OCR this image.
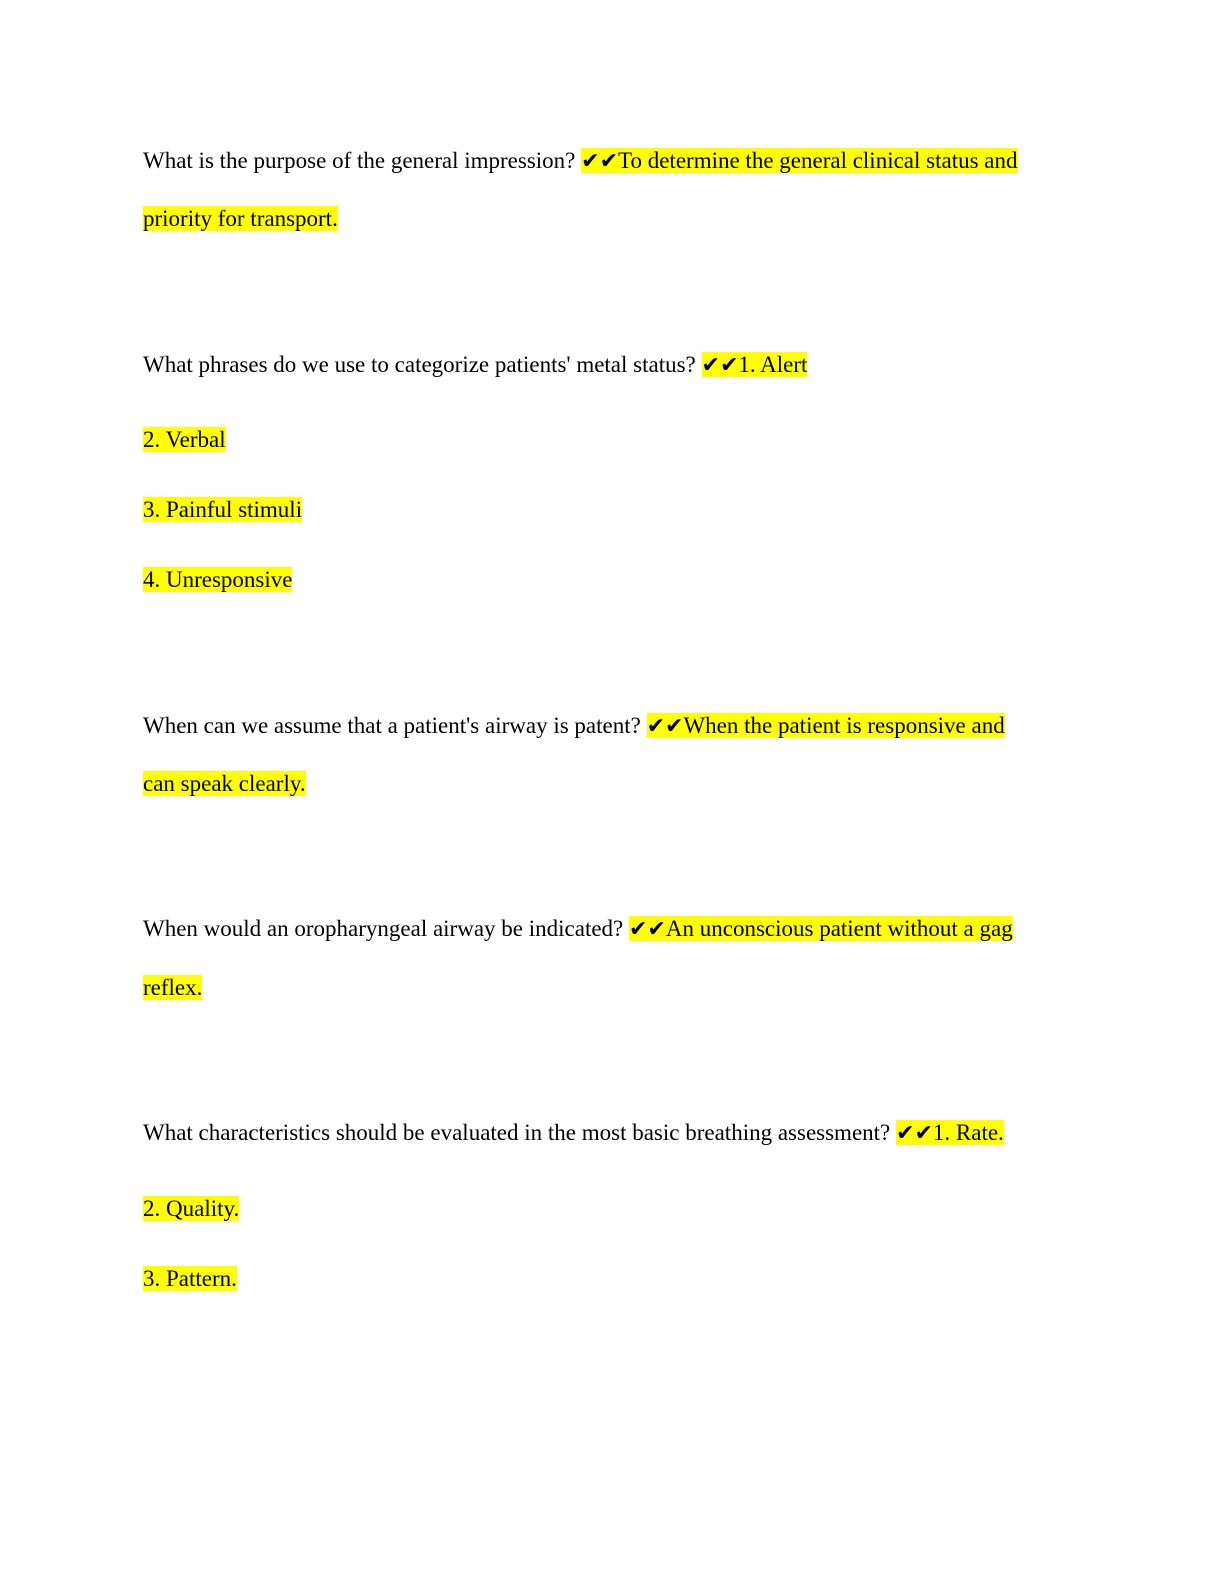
What is the purpose of the general impression? ✔✔To determine the general clinical status and
priority for transport.
What phrases do we use to categorize patients' metal status? ✔✔1. Alert
2. Verbal
3. Painful stimuli
4. Unresponsive
When can we assume that a patient's airway is patent? ✔✔When the patient is responsive and
can speak clearly.
When would an oropharyngeal airway be indicated? ✔✔An unconscious patient without a gag
reflex.
What characteristics should be evaluated in the most basic breathing assessment? ✔✔1. Rate.
2. Quality.
3. Pattern.
